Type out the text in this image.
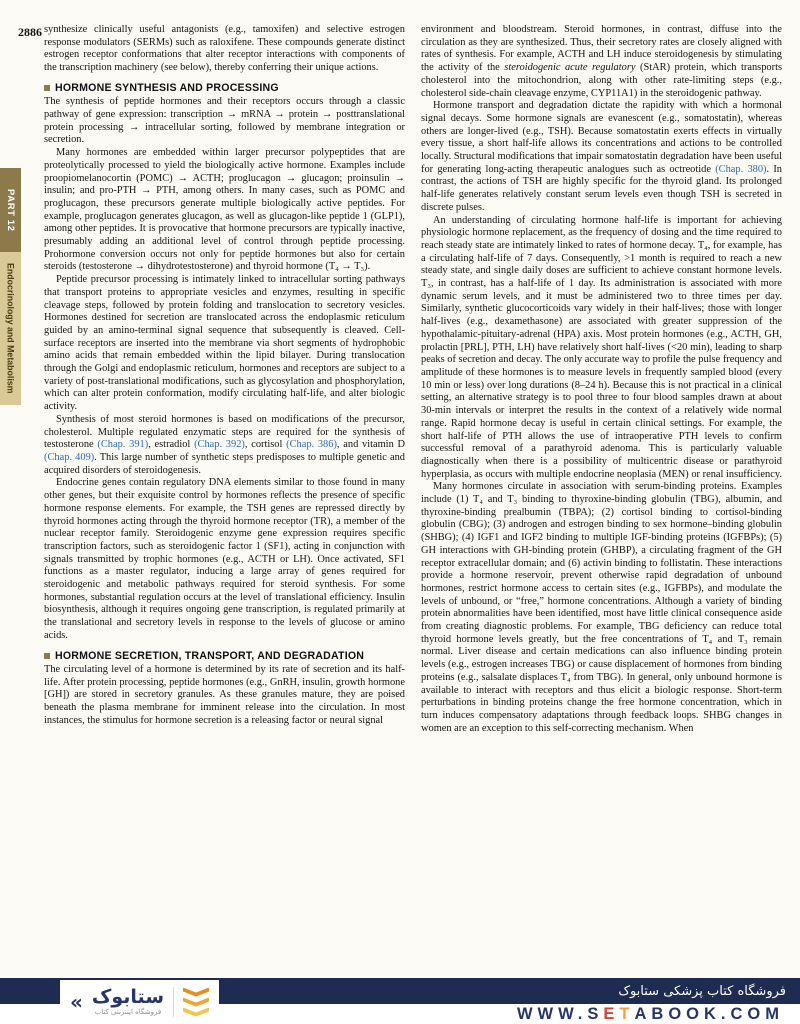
2886
PART 12
Endocrinology and Metabolism

synthesize clinically useful antagonists (e.g., tamoxifen) and selective estrogen response modulators (SERMs) such as raloxifene. These compounds generate distinct estrogen receptor conformations that alter receptor interactions with components of the transcription machinery (see below), thereby conferring their unique actions.

HORMONE SYNTHESIS AND PROCESSING

The synthesis of peptide hormones and their receptors occurs through a classic pathway of gene expression: transcription → mRNA → protein → posttranslational protein processing → intracellular sorting, followed by membrane integration or secretion.

Many hormones are embedded within larger precursor polypeptides that are proteolytically processed to yield the biologically active hormone. Examples include proopiomelanocortin (POMC) → ACTH; proglucagon → glucagon; proinsulin → insulin; and pro-PTH → PTH, among others. In many cases, such as POMC and proglucagon, these precursors generate multiple biologically active peptides. For example, proglucagon generates glucagon, as well as glucagon-like peptide 1 (GLP1), among other peptides. It is provocative that hormone precursors are typically inactive, presumably adding an additional level of control through peptide processing. Prohormone conversion occurs not only for peptide hormones but also for certain steroids (testosterone → dihydrotestosterone) and thyroid hormone (T₄ → T₃).

Peptide precursor processing is intimately linked to intracellular sorting pathways that transport proteins to appropriate vesicles and enzymes, resulting in specific cleavage steps, followed by protein folding and translocation to secretory vesicles. Hormones destined for secretion are translocated across the endoplasmic reticulum guided by an amino-terminal signal sequence that subsequently is cleaved. Cell-surface receptors are inserted into the membrane via short segments of hydrophobic amino acids that remain embedded within the lipid bilayer. During translocation through the Golgi and endoplasmic reticulum, hormones and receptors are subject to a variety of post-translational modifications, such as glycosylation and phosphorylation, which can alter protein conformation, modify circulating half-life, and alter biologic activity.

Synthesis of most steroid hormones is based on modifications of the precursor, cholesterol. Multiple regulated enzymatic steps are required for the synthesis of testosterone (Chap. 391), estradiol (Chap. 392), cortisol (Chap. 386), and vitamin D (Chap. 409). This large number of synthetic steps predisposes to multiple genetic and acquired disorders of steroidogenesis.

Endocrine genes contain regulatory DNA elements similar to those found in many other genes, but their exquisite control by hormones reflects the presence of specific hormone response elements. For example, the TSH genes are repressed directly by thyroid hormones acting through the thyroid hormone receptor (TR), a member of the nuclear receptor family. Steroidogenic enzyme gene expression requires specific transcription factors, such as steroidogenic factor 1 (SF1), acting in conjunction with signals transmitted by trophic hormones (e.g., ACTH or LH). Once activated, SF1 functions as a master regulator, inducing a large array of genes required for steroidogenic and metabolic pathways required for steroid synthesis. For some hormones, substantial regulation occurs at the level of translational efficiency. Insulin biosynthesis, although it requires ongoing gene transcription, is regulated primarily at the translational and secretory levels in response to the levels of glucose or amino acids.

HORMONE SECRETION, TRANSPORT, AND DEGRADATION

The circulating level of a hormone is determined by its rate of secretion and its half-life. After protein processing, peptide hormones (e.g., GnRH, insulin, growth hormone [GH]) are stored in secretory granules. As these granules mature, they are poised beneath the plasma membrane for imminent release into the circulation. In most instances, the stimulus for hormone secretion is a releasing factor or neural signal

environment and bloodstream. Steroid hormones, in contrast, diffuse into the circulation as they are synthesized. Thus, their secretory rates are closely aligned with rates of synthesis. For example, ACTH and LH induce steroidogenesis by stimulating the activity of the steroidogenic acute regulatory (StAR) protein, which transports cholesterol into the mitochondrion, along with other rate-limiting steps (e.g., cholesterol side-chain cleavage enzyme, CYP11A1) in the steroidogenic pathway.

Hormone transport and degradation dictate the rapidity with which a hormonal signal decays. Some hormone signals are evanescent (e.g., somatostatin), whereas others are longer-lived (e.g., TSH). Because somatostatin exerts effects in virtually every tissue, a short half-life allows its concentrations and actions to be controlled locally. Structural modifications that impair somatostatin degradation have been useful for generating long-acting therapeutic analogues such as octreotide (Chap. 380). In contrast, the actions of TSH are highly specific for the thyroid gland. Its prolonged half-life generates relatively constant serum levels even though TSH is secreted in discrete pulses.

An understanding of circulating hormone half-life is important for achieving physiologic hormone replacement, as the frequency of dosing and the time required to reach steady state are intimately linked to rates of hormone decay. T₄, for example, has a circulating half-life of 7 days. Consequently, >1 month is required to reach a new steady state, and single daily doses are sufficient to achieve constant hormone levels. T₃, in contrast, has a half-life of 1 day. Its administration is associated with more dynamic serum levels, and it must be administered two to three times per day. Similarly, synthetic glucocorticoids vary widely in their half-lives; those with longer half-lives (e.g., dexamethasone) are associated with greater suppression of the hypothalamic-pituitary-adrenal (HPA) axis. Most protein hormones (e.g., ACTH, GH, prolactin [PRL], PTH, LH) have relatively short half-lives (<20 min), leading to sharp peaks of secretion and decay. The only accurate way to profile the pulse frequency and amplitude of these hormones is to measure levels in frequently sampled blood (every 10 min or less) over long durations (8–24 h). Because this is not practical in a clinical setting, an alternative strategy is to pool three to four blood samples drawn at about 30-min intervals or interpret the results in the context of a relatively wide normal range. Rapid hormone decay is useful in certain clinical settings. For example, the short half-life of PTH allows the use of intraoperative PTH levels to confirm successful removal of a parathyroid adenoma. This is particularly valuable diagnostically when there is a possibility of multicentric disease or parathyroid hyperplasia, as occurs with multiple endocrine neoplasia (MEN) or renal insufficiency.

Many hormones circulate in association with serum-binding proteins. Examples include (1) T₄ and T₃ binding to thyroxine-binding globulin (TBG), albumin, and thyroxine-binding prealbumin (TBPA); (2) cortisol binding to cortisol-binding globulin (CBG); (3) androgen and estrogen binding to sex hormone–binding globulin (SHBG); (4) IGF1 and IGF2 binding to multiple IGF-binding proteins (IGFBPs); (5) GH interactions with GH-binding protein (GHBP), a circulating fragment of the GH receptor extracellular domain; and (6) activin binding to follistatin. These interactions provide a hormone reservoir, prevent otherwise rapid degradation of unbound hormones, restrict hormone access to certain sites (e.g., IGFBPs), and modulate the levels of unbound, or “free,” hormone concentrations. Although a variety of binding protein abnormalities have been identified, most have little clinical consequence aside from creating diagnostic problems. For example, TBG deficiency can reduce total thyroid hormone levels greatly, but the free concentrations of T₄ and T₃ remain normal. Liver disease and certain medications can also influence binding protein levels (e.g., estrogen increases TBG) or cause displacement of hormones from binding proteins (e.g., salsalate displaces T₄ from TBG). In general, only unbound hormone is available to interact with receptors and thus elicit a biologic response. Short-term perturbations in binding proteins change the free hormone concentration, which in turn induces compensatory adaptations through feedback loops. SHBG changes in women are an exception to this self-correcting mechanism. When

فروشگاه کتاب پزشکی ستابوک
WWW.S E T ABOOK.COM
« ستابوک
فروشگاه اینترنتی کتاب
